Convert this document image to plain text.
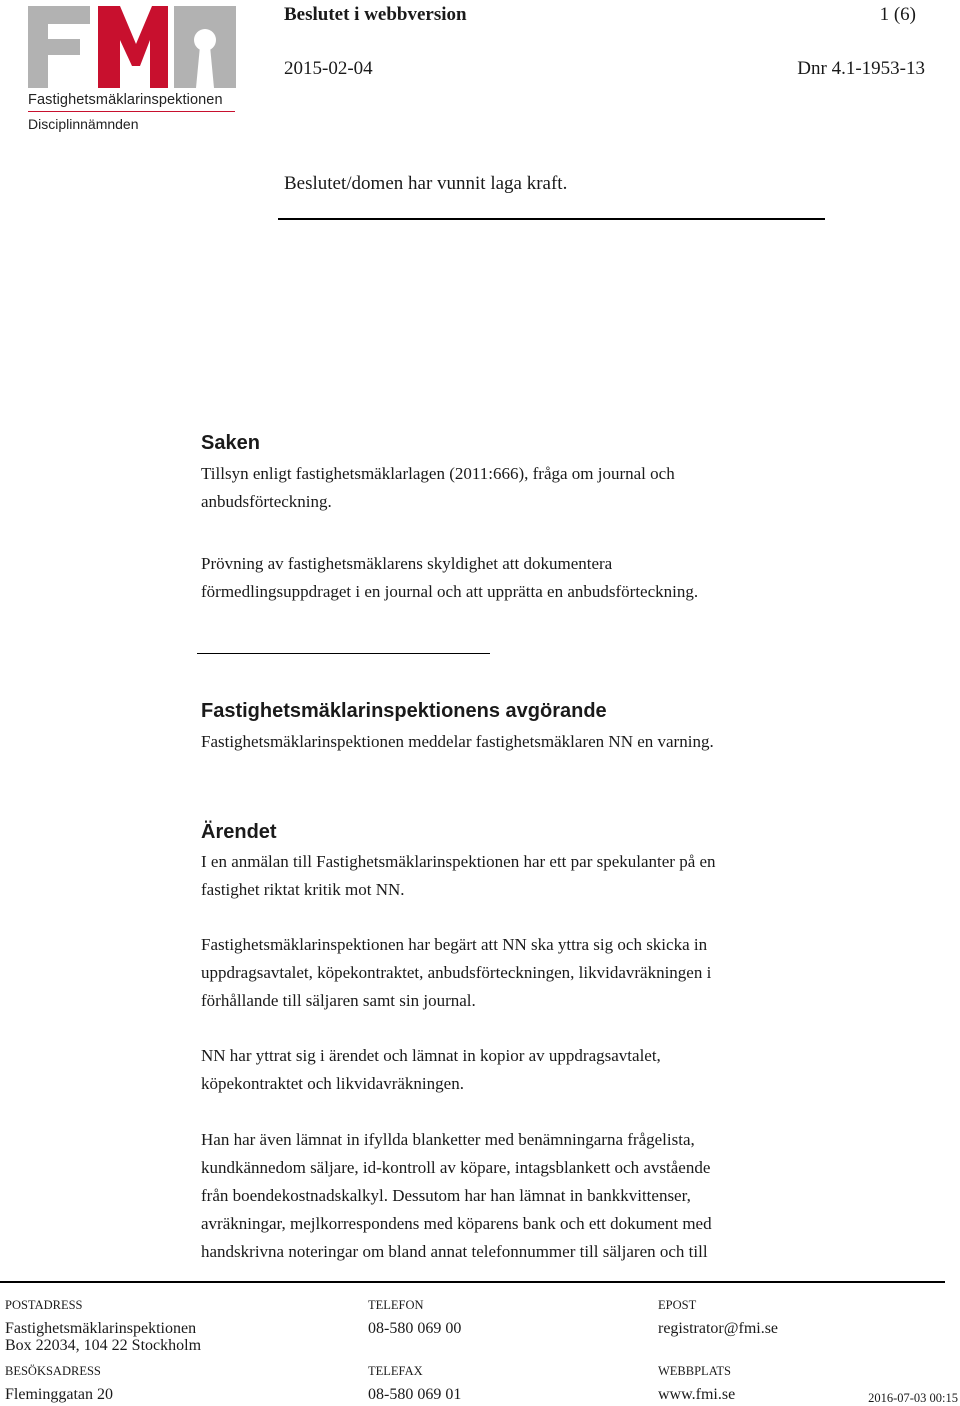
Fastighetsmäklarinspektionen
Disciplinnämnden
Beslutet i webbversion	1 (6)
2015-02-04	Dnr 4.1-1953-13
Beslutet/domen har vunnit laga kraft.
Saken
Tillsyn enligt fastighetsmäklarlagen (2011:666), fråga om journal och
anbudsförteckning.
Prövning av fastighetsmäklarens skyldighet att dokumentera
förmedlingsuppdraget i en journal och att upprätta en anbudsförteckning.
Fastighetsmäklarinspektionens avgörande
Fastighetsmäklarinspektionen meddelar fastighetsmäklaren NN en varning.
Ärendet
I en anmälan till Fastighetsmäklarinspektionen har ett par spekulanter på en
fastighet riktat kritik mot NN.
Fastighetsmäklarinspektionen har begärt att NN ska yttra sig och skicka in
uppdragsavtalet, köpekontraktet, anbudsförteckningen, likvidavräkningen i
förhållande till säljaren samt sin journal.
NN har yttrat sig i ärendet och lämnat in kopior av uppdragsavtalet,
köpekontraktet och likvidavräkningen.
Han har även lämnat in ifyllda blanketter med benämningarna frågelista,
kundkännedom säljare, id-kontroll av köpare, intagsblankett och avstående
från boendekostnadskalkyl. Dessutom har han lämnat in bankkvittenser,
avräkningar, mejlkorrespondens med köparens bank och ett dokument med
handskrivna noteringar om bland annat telefonnummer till säljaren och till
POSTADRESS
Fastighetsmäklarinspektionen
Box 22034, 104 22 Stockholm
TELEFON
08-580 069 00
EPOST
registrator@fmi.se
BESÖKSADRESS
Fleminggatan 20
TELEFAX
08-580 069 01
WEBBPLATS
www.fmi.se	2016-07-03 00:15
